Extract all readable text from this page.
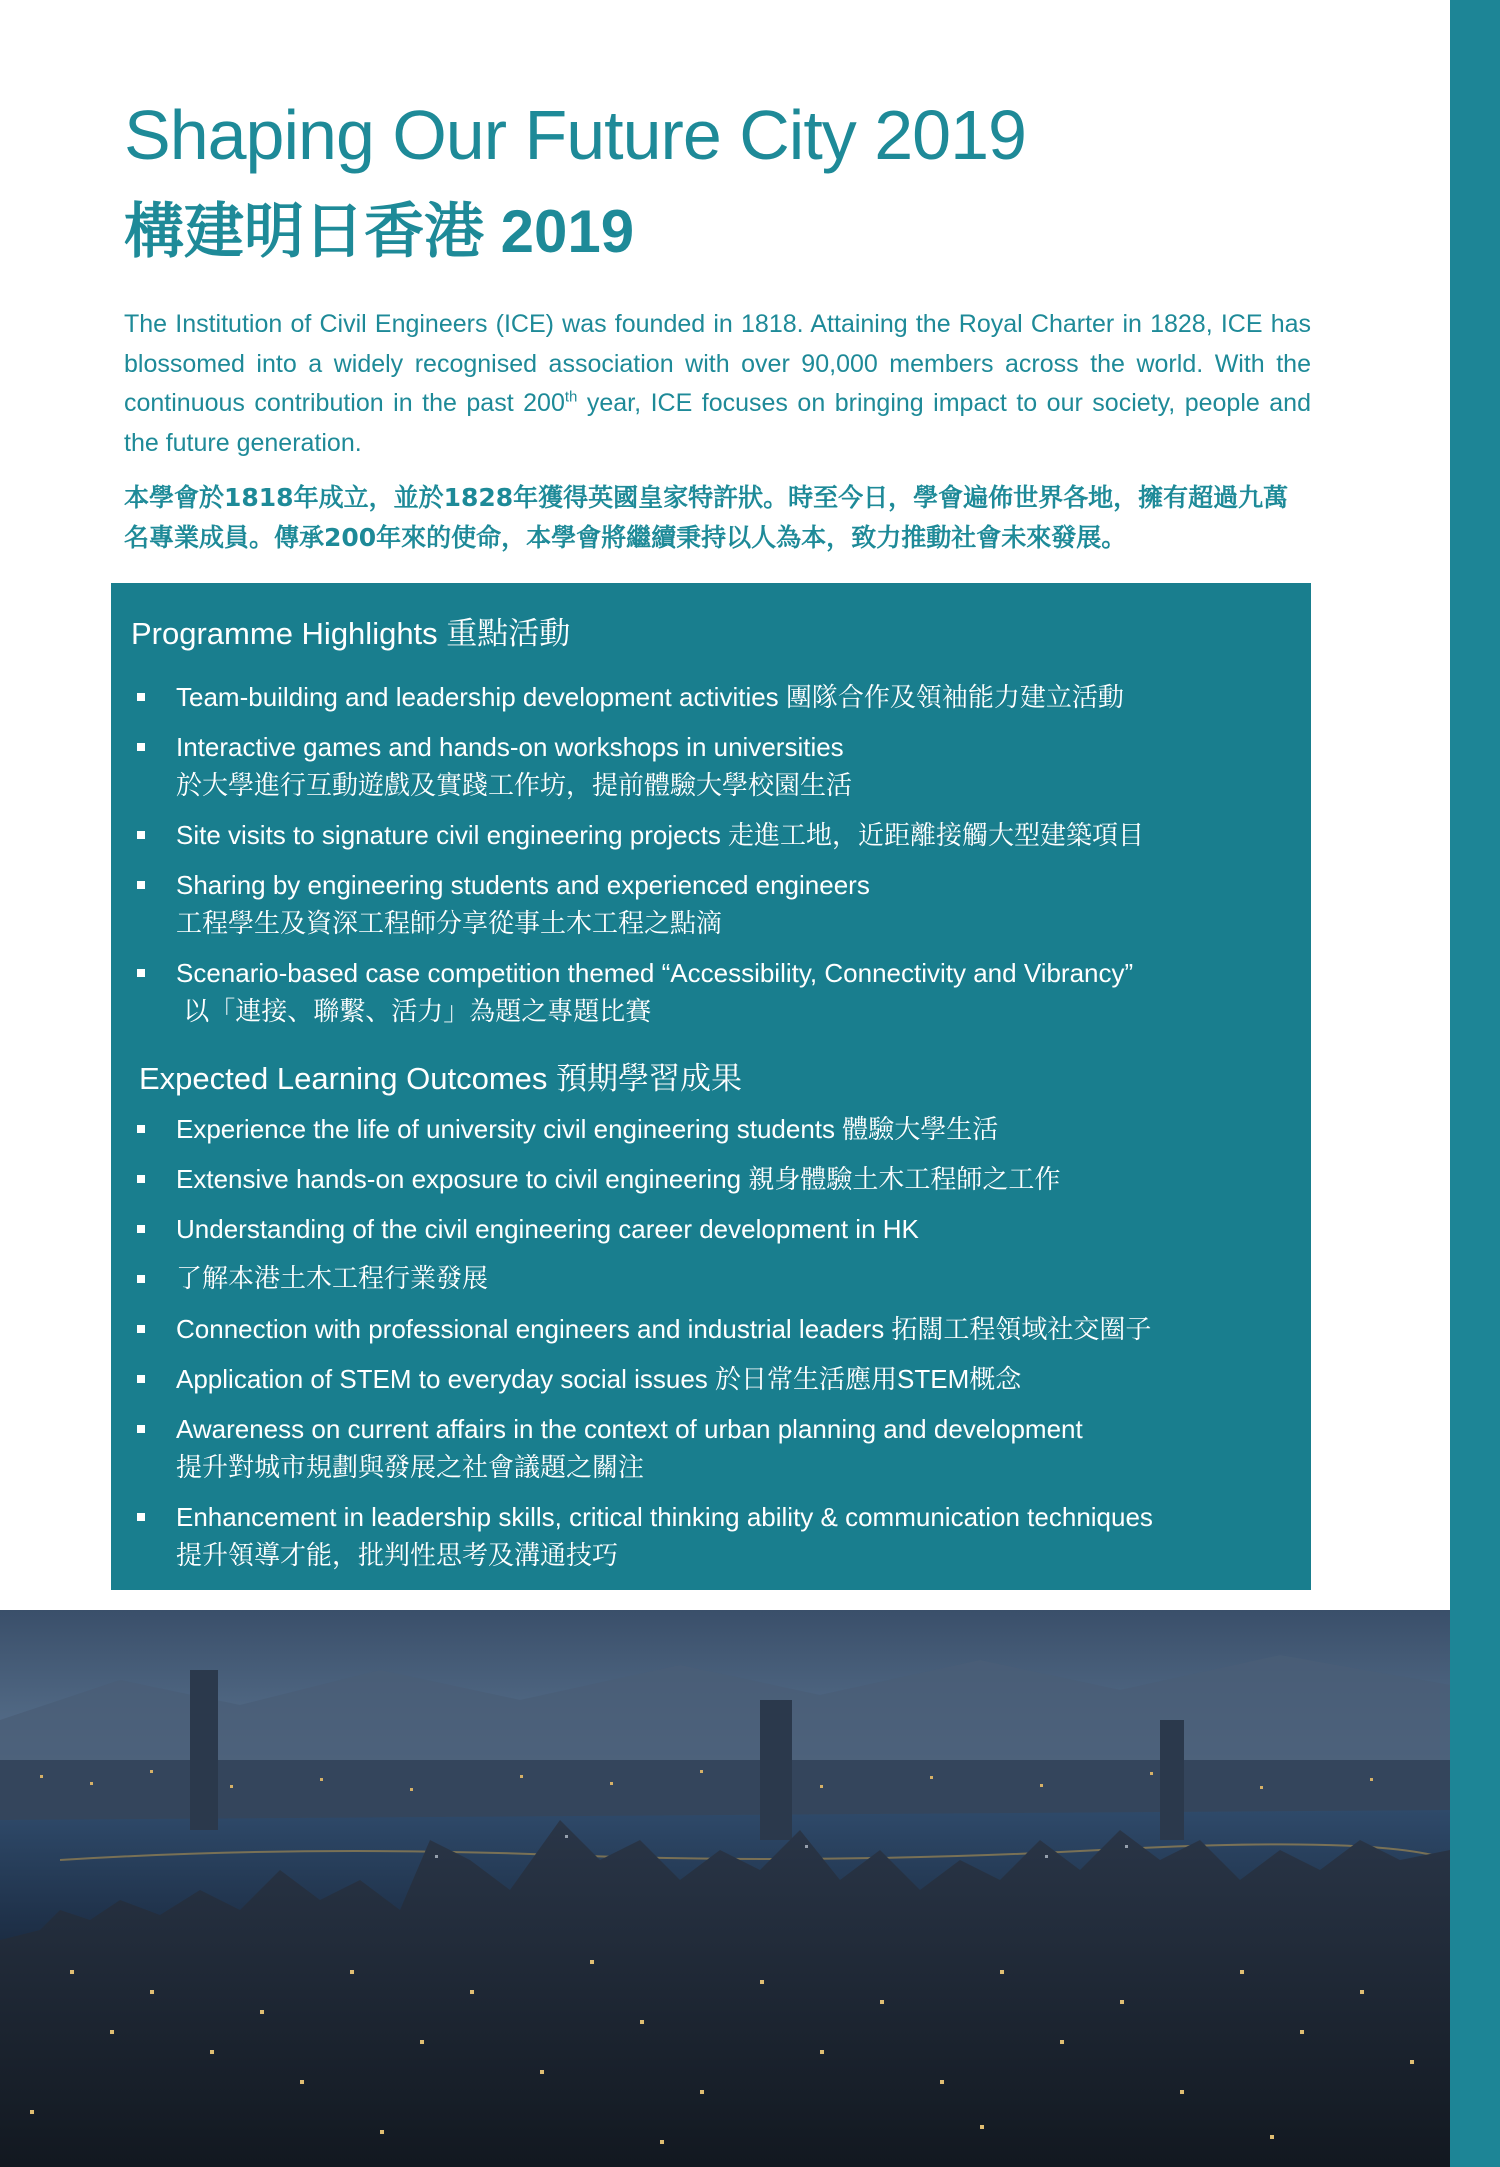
Shaping Our Future City 2019
構建明日香港 2019

The Institution of Civil Engineers (ICE) was founded in 1818. Attaining the Royal Charter in 1828, ICE has blossomed into a widely recognised association with over 90,000 members across the world. With the continuous contribution in the past 200th year, ICE focuses on bringing impact to our society, people and the future generation.

本學會於1818年成立，並於1828年獲得英國皇家特許狀。時至今日，學會遍佈世界各地，擁有超過九萬名專業成員。傳承200年來的使命，本學會將繼續秉持以人為本，致力推動社會未來發展。

Programme Highlights 重點活動
Team-building and leadership development activities 團隊合作及領袖能力建立活動
Interactive games and hands-on workshops in universities
於大學進行互動遊戲及實踐工作坊，提前體驗大學校園生活
Site visits to signature civil engineering projects 走進工地，近距離接觸大型建築項目
Sharing by engineering students and experienced engineers
工程學生及資深工程師分享從事土木工程之點滴
Scenario-based case competition themed “Accessibility, Connectivity and Vibrancy”
以「連接、聯繫、活力」為題之專題比賽
Expected Learning Outcomes 預期學習成果
Experience the life of university civil engineering students 體驗大學生活
Extensive hands-on exposure to civil engineering 親身體驗土木工程師之工作
Understanding of the civil engineering career development in HK
了解本港土木工程行業發展
Connection with professional engineers and industrial leaders 拓闊工程領域社交圈子
Application of STEM to everyday social issues 於日常生活應用STEM概念
Awareness on current affairs in the context of urban planning and development
提升對城市規劃與發展之社會議題之關注
Enhancement in leadership skills, critical thinking ability & communication techniques
提升領導才能，批判性思考及溝通技巧
